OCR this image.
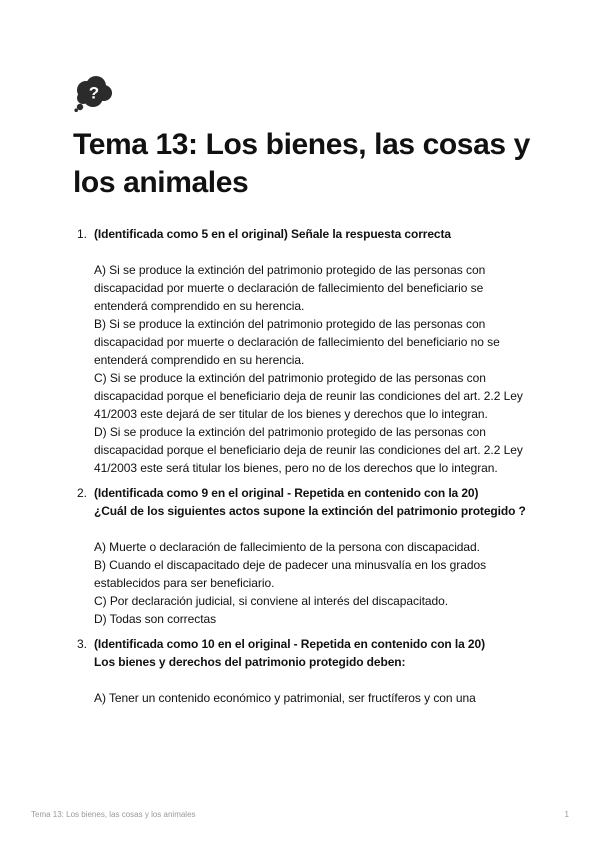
?
Tema 13: Los bienes, las cosas y los animales
1. (Identificada como 5 en el original) Señale la respuesta correcta

A) Si se produce la extinción del patrimonio protegido de las personas con discapacidad por muerte o declaración de fallecimiento del beneficiario se entenderá comprendido en su herencia.

B) Si se produce la extinción del patrimonio protegido de las personas con discapacidad por muerte o declaración de fallecimiento del beneficiario no se entenderá comprendido en su herencia.

C) Si se produce la extinción del patrimonio protegido de las personas con discapacidad porque el beneficiario deja de reunir las condiciones del art. 2.2 Ley 41/2003 este dejará de ser titular de los bienes y derechos que lo integran.

D) Si se produce la extinción del patrimonio protegido de las personas con discapacidad porque el beneficiario deja de reunir las condiciones del art. 2.2 Ley 41/2003 este será titular los bienes, pero no de los derechos que lo integran.

2. (Identificada como 9 en el original - Repetida en contenido con la 20)
¿Cuál de los siguientes actos supone la extinción del patrimonio protegido ?

A) Muerte o declaración de fallecimiento de la persona con discapacidad.

B) Cuando el discapacitado deje de padecer una minusvalía en los grados establecidos para ser beneficiario.

C) Por declaración judicial, si conviene al interés del discapacitado.

D) Todas son correctas

3. (Identificada como 10 en el original - Repetida en contenido con la 20)
Los bienes y derechos del patrimonio protegido deben:

A) Tener un contenido económico y patrimonial, ser fructíferos y con una

Tema 13: Los bienes, las cosas y los animales	1
